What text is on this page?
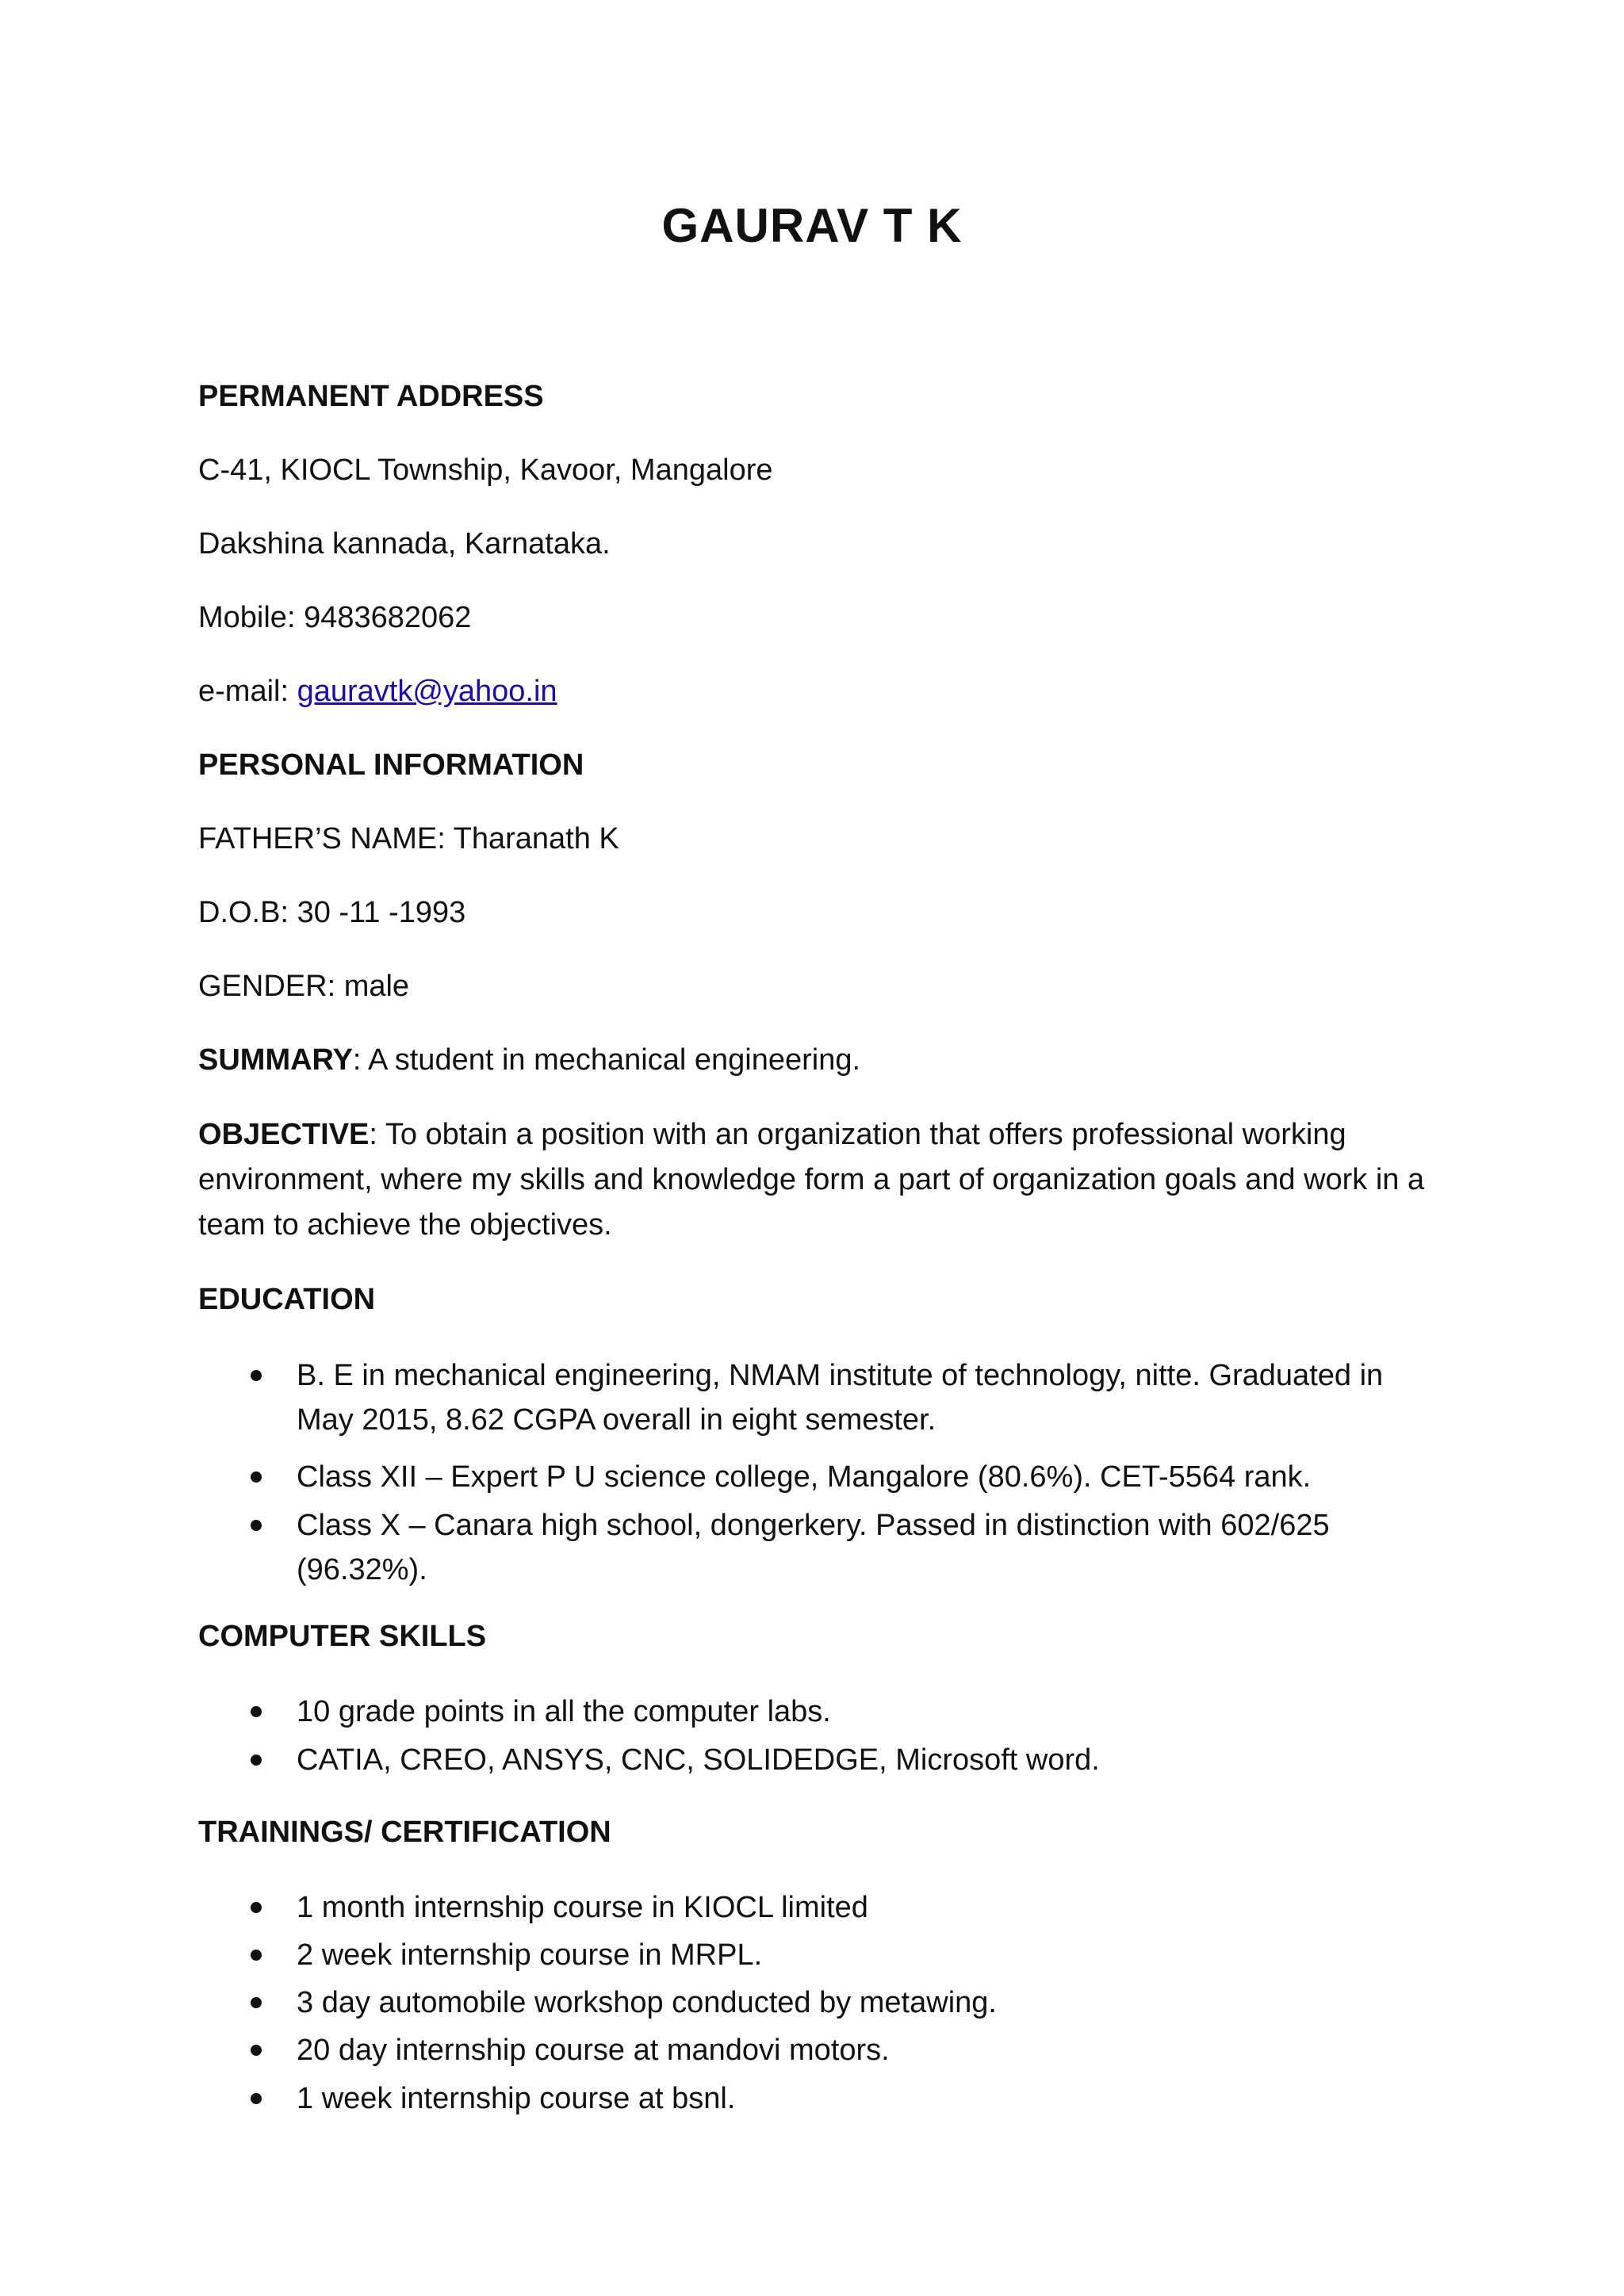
GAURAV T K
PERMANENT ADDRESS
C-41, KIOCL Township, Kavoor, Mangalore
Dakshina kannada, Karnataka.
Mobile: 9483682062
e-mail: gauravtk@yahoo.in
PERSONAL INFORMATION
FATHER’S NAME: Tharanath K
D.O.B: 30 -11 -1993
GENDER: male
SUMMARY: A student in mechanical engineering.
OBJECTIVE: To obtain a position with an organization that offers professional working environment, where my skills and knowledge form a part of organization goals and work in a team to achieve the objectives.
EDUCATION
B. E in mechanical engineering, NMAM institute of technology, nitte. Graduated in May 2015, 8.62 CGPA overall in eight semester.
Class XII – Expert P U science college, Mangalore (80.6%). CET-5564 rank.
Class X – Canara high school, dongerkery. Passed in distinction with 602/625 (96.32%).
COMPUTER SKILLS
10 grade points in all the computer labs.
CATIA, CREO, ANSYS, CNC, SOLIDEDGE, Microsoft word.
TRAININGS/ CERTIFICATION
1 month internship course in KIOCL limited
2 week internship course in MRPL.
3 day automobile workshop conducted by metawing.
20 day internship course at mandovi motors.
1 week internship course at bsnl.
